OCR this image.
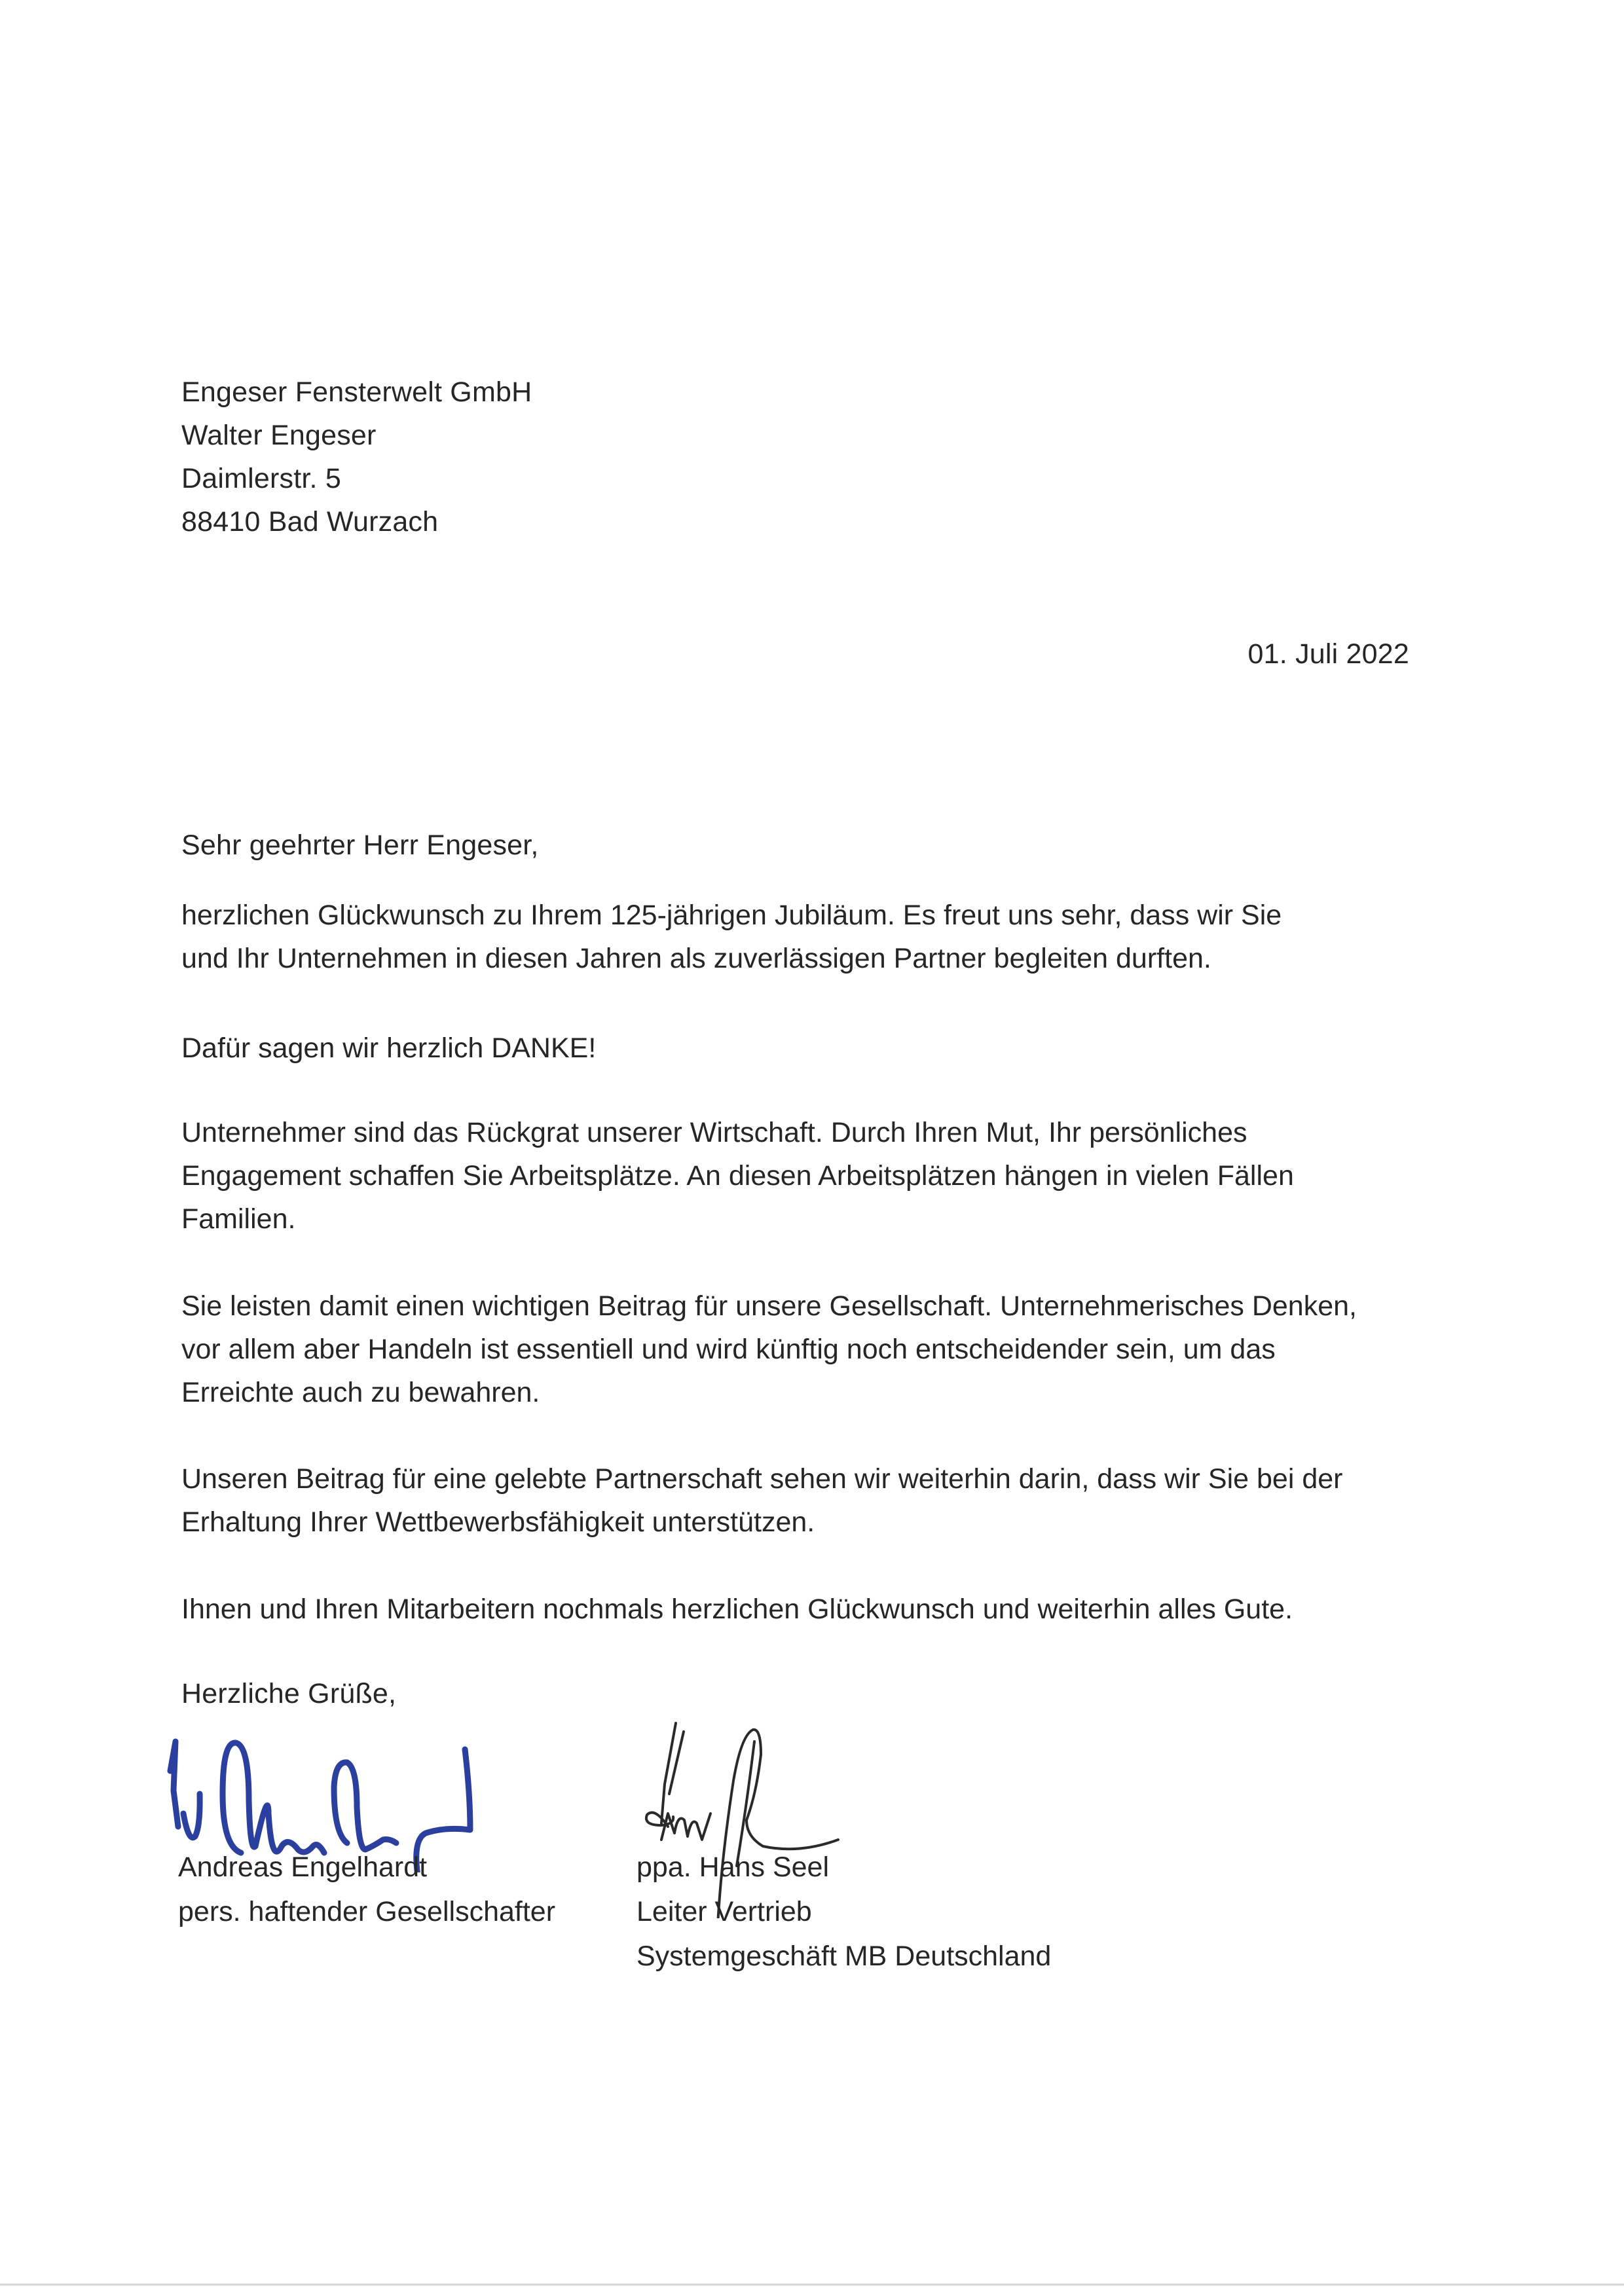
Engeser Fensterwelt GmbH
Walter Engeser
Daimlerstr. 5
88410 Bad Wurzach
01. Juli 2022
Sehr geehrter Herr Engeser,
herzlichen Glückwunsch zu Ihrem 125-jährigen Jubiläum. Es freut uns sehr, dass wir Sie
und Ihr Unternehmen in diesen Jahren als zuverlässigen Partner begleiten durften.
Dafür sagen wir herzlich DANKE!
Unternehmer sind das Rückgrat unserer Wirtschaft. Durch Ihren Mut, Ihr persönliches
Engagement schaffen Sie Arbeitsplätze. An diesen Arbeitsplätzen hängen in vielen Fällen
Familien.
Sie leisten damit einen wichtigen Beitrag für unsere Gesellschaft. Unternehmerisches Denken,
vor allem aber Handeln ist essentiell und wird künftig noch entscheidender sein, um das
Erreichte auch zu bewahren.
Unseren Beitrag für eine gelebte Partnerschaft sehen wir weiterhin darin, dass wir Sie bei der
Erhaltung Ihrer Wettbewerbsfähigkeit unterstützen.
Ihnen und Ihren Mitarbeitern nochmals herzlichen Glückwunsch und weiterhin alles Gute.
Herzliche Grüße,
Andreas Engelhardt
pers. haftender Gesellschafter
ppa. Hans Seel
Leiter Vertrieb
Systemgeschäft MB Deutschland
